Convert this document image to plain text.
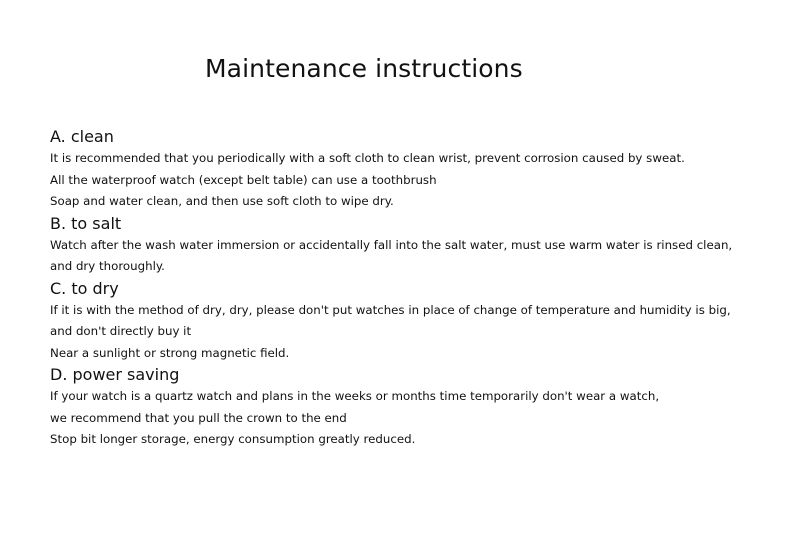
Maintenance instructions
A. clean
It is recommended that you periodically with a soft cloth to clean wrist, prevent corrosion caused by sweat.
All the waterproof watch (except belt table) can use a toothbrush
Soap and water clean, and then use soft cloth to wipe dry.
B. to salt
Watch after the wash water immersion or accidentally fall into the salt water, must use warm water is rinsed clean,
and dry thoroughly.
C. to dry
If it is with the method of dry, dry, please don't put watches in place of change of temperature and humidity is big,
and don't directly buy it
Near a sunlight or strong magnetic field.
D. power saving
If your watch is a quartz watch and plans in the weeks or months time temporarily don't wear a watch,
we recommend that you pull the crown to the end
Stop bit longer storage, energy consumption greatly reduced.
